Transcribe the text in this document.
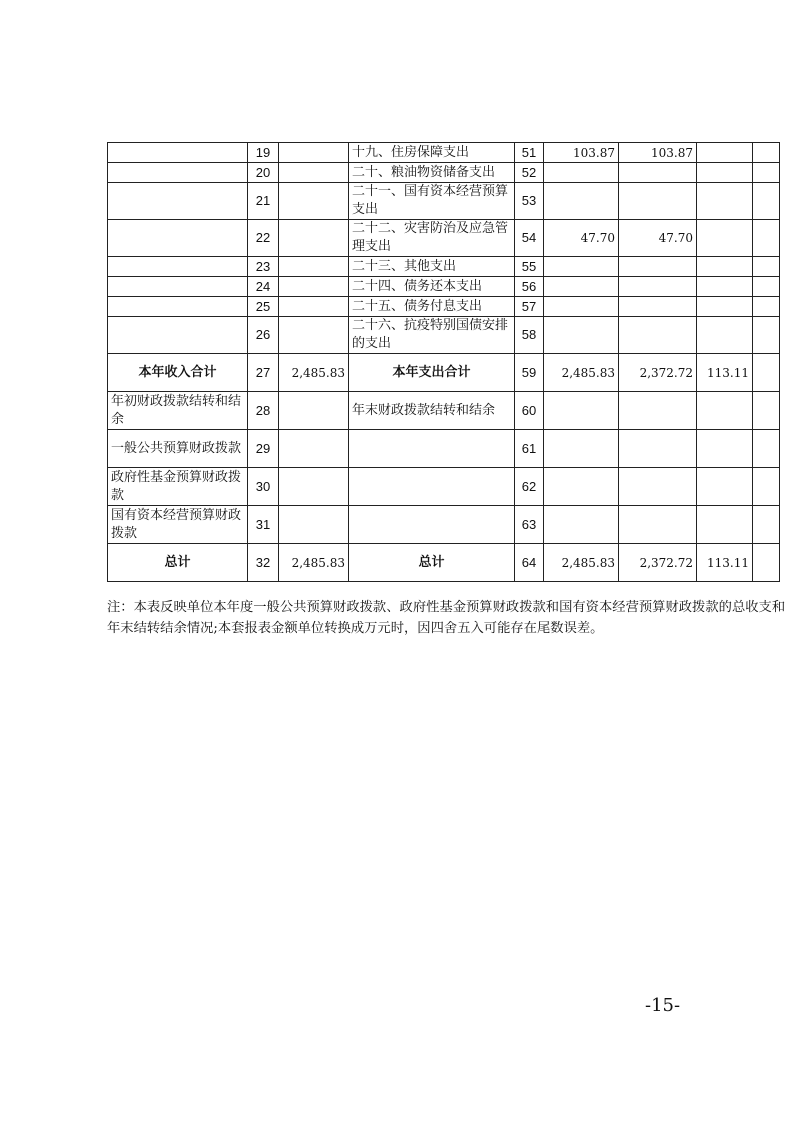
	19		十九、住房保障支出	51	103.87	103.87		
	20		二十、粮油物资储备支出	52				
	21		二十一、国有资本经营预算支出	53				
	22		二十二、灾害防治及应急管理支出	54	47.70	47.70		
	23		二十三、其他支出	55				
	24		二十四、债务还本支出	56				
	25		二十五、债务付息支出	57				
	26		二十六、抗疫特别国债安排的支出	58				
本年收入合计	27	2,485.83	本年支出合计	59	2,485.83	2,372.72	113.11	
年初财政拨款结转和结余	28		年末财政拨款结转和结余	60				
一般公共预算财政拨款	29			61				
政府性基金预算财政拨款	30			62				
国有资本经营预算财政拨款	31			63				
总计	32	2,485.83	总计	64	2,485.83	2,372.72	113.11	
注：本表反映单位本年度一般公共预算财政拨款、政府性基金预算财政拨款和国有资本经营预算财政拨款的总收支和年末结转结余情况;本套报表金额单位转换成万元时，因四舍五入可能存在尾数误差。
-15-
